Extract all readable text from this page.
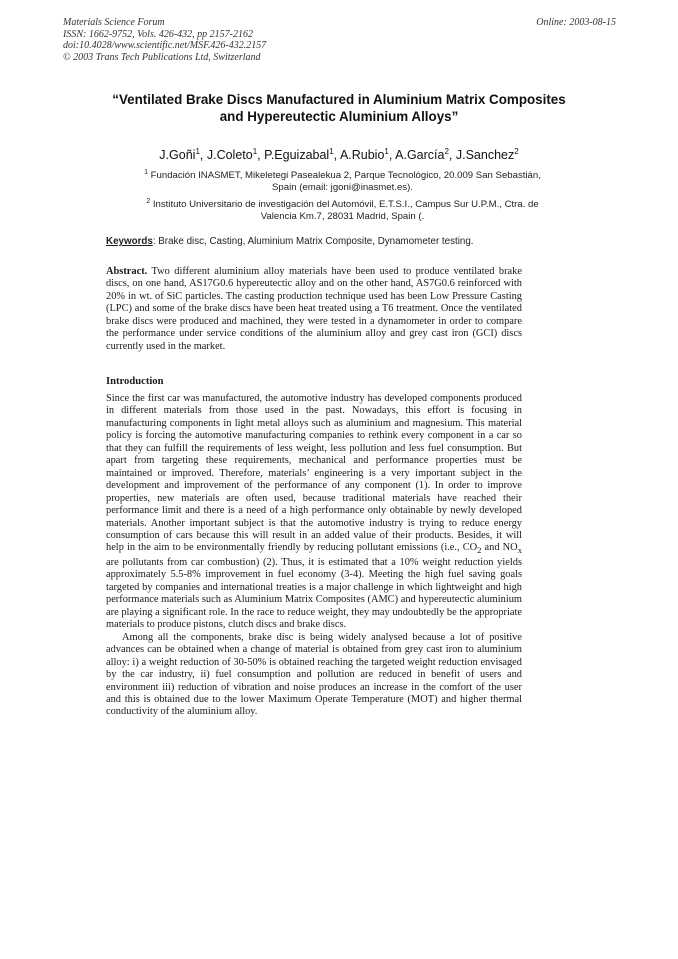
Materials Science Forum
ISSN: 1662-9752, Vols. 426-432, pp 2157-2162
doi:10.4028/www.scientific.net/MSF.426-432.2157
© 2003 Trans Tech Publications Ltd, Switzerland
Online: 2003-08-15
“Ventilated Brake Discs Manufactured in Aluminium Matrix Composites
and Hypereutectic Aluminium Alloys”
J.Goñi$^1$, J.Coleto$^1$, P.Eguizabal$^1$, A.Rubio$^1$, A.García$^2$, J.Sanchez$^2$
$^1$ Fundación INASMET, Mikeletegi Pasealekua 2, Parque Tecnológico, 20.009 San Sebastián,
Spain (email: jgoni@inasmet.es).
$^2$ Instituto Universitario de investigación del Automóvil, E.T.S.I., Campus Sur U.P.M., Ctra. de
Valencia Km.7, 28031 Madrid, Spain (.
Keywords: Brake disc, Casting, Aluminium Matrix Composite, Dynamometer testing.

Abstract. Two different aluminium alloy materials have been used to produce ventilated brake discs, on one hand, AS17G0.6 hypereutectic alloy and on the other hand, AS7G0.6 reinforced with 20% in wt. of SiC particles. The casting production technique used has been Low Pressure Casting (LPC) and some of the brake discs have been heat treated using a T6 treatment. Once the ventilated brake discs were produced and machined, they were tested in a dynamometer in order to compare the performance under service conditions of the aluminium alloy and grey cast iron (GCI) discs currently used in the market.

Introduction

Since the first car was manufactured, the automotive industry has developed components produced in different materials from those used in the past. Nowadays, this effort is focusing in manufacturing components in light metal alloys such as aluminium and magnesium. This material policy is forcing the automotive manufacturing companies to rethink every component in a car so that they can fulfill the requirements of less weight, less pollution and less fuel consumption. But apart from targeting these requirements, mechanical and performance properties must be maintained or improved. Therefore, materials’ engineering is a very important subject in the development and improvement of the performance of any component (1). In order to improve properties, new materials are often used, because traditional materials have reached their performance limit and there is a need of a high performance only obtainable by newly developed materials. Another important subject is that the automotive industry is trying to reduce energy consumption of cars because this will result in an added value of their products. Besides, it will help in the aim to be environmentally friendly by reducing pollutant emissions (i.e., $CO_2$ and $NO_x$ are pollutants from car combustion) (2). Thus, it is estimated that a 10% weight reduction yields approximately 5.5-8% improvement in fuel economy (3-4). Meeting the high fuel saving goals targeted by companies and international treaties is a major challenge in which lightweight and high performance materials such as Aluminium Matrix Composites (AMC) and hypereutectic aluminium are playing a significant role. In the race to reduce weight, they may undoubtedly be the appropriate materials to produce pistons, clutch discs and brake discs.

Among all the components, brake disc is being widely analysed because a lot of positive advances can be obtained when a change of material is obtained from grey cast iron to aluminium alloy: i) a weight reduction of 30-50% is obtained reaching the targeted weight reduction envisaged by the car industry, ii) fuel consumption and pollution are reduced in benefit of users and environment iii) reduction of vibration and noise produces an increase in the comfort of the user and this is obtained due to the lower Maximum Operate Temperature (MOT) and higher thermal conductivity of the aluminium alloy.
